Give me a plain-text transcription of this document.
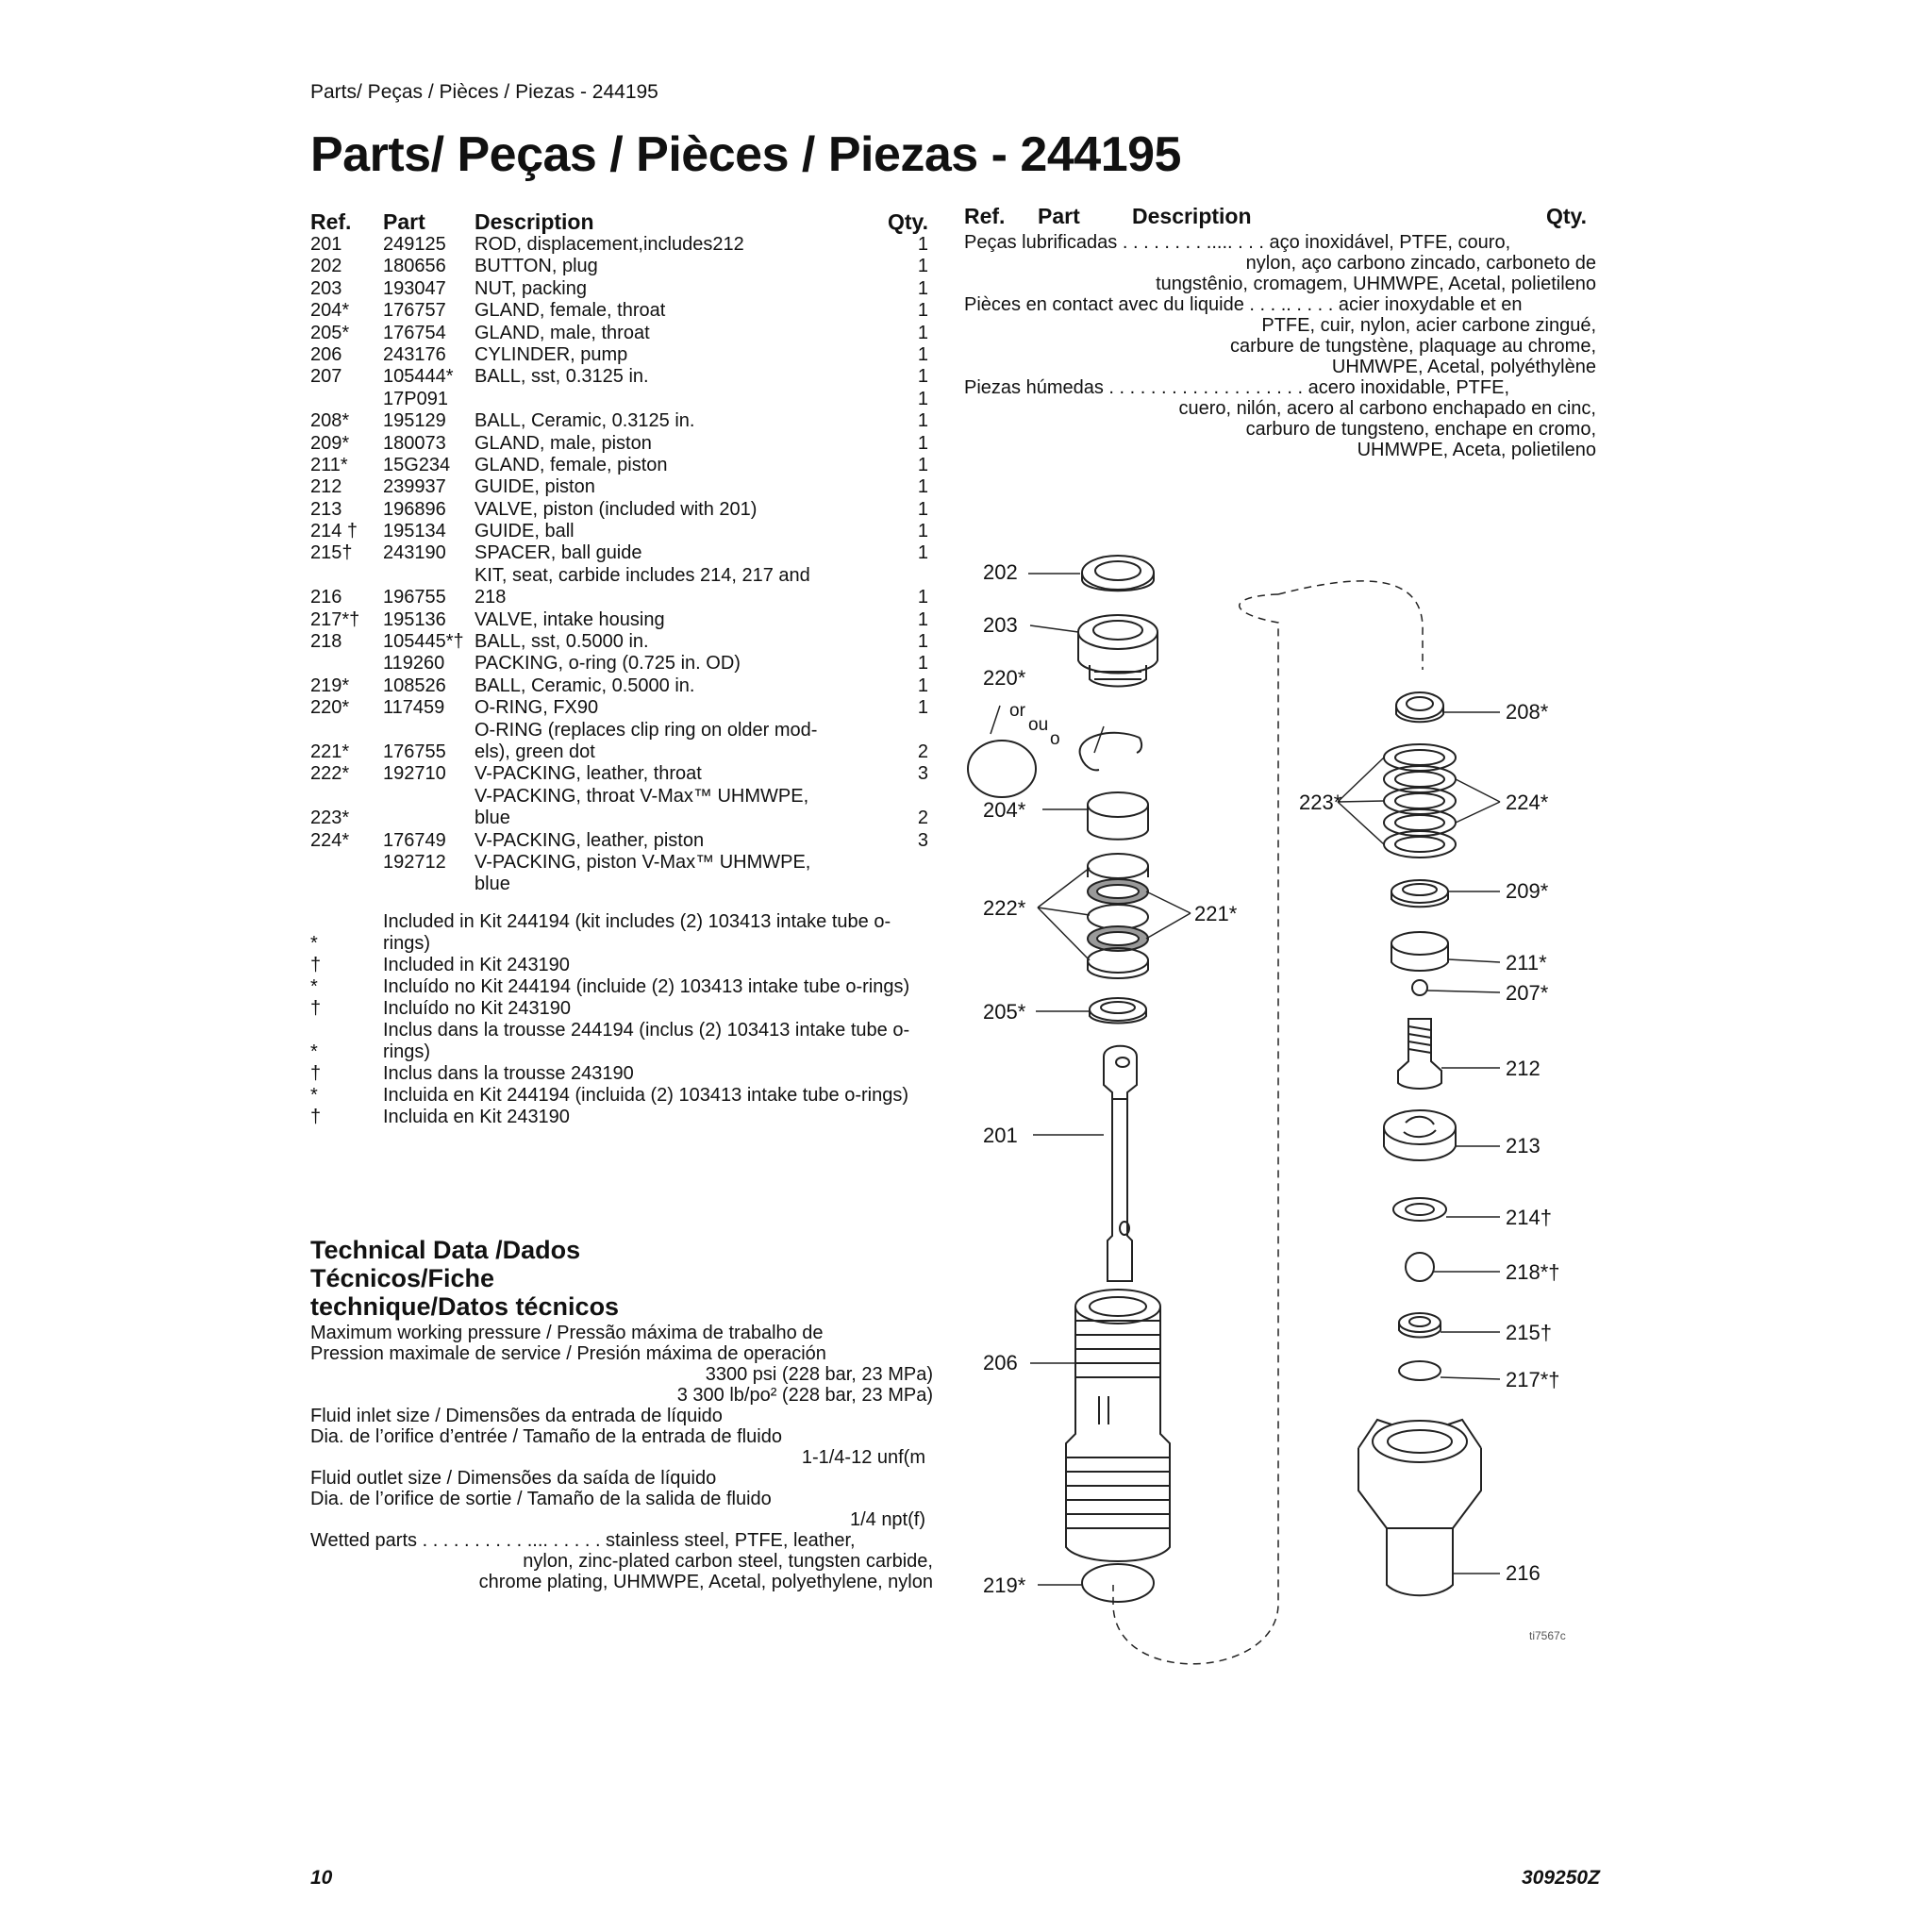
Parts/ Peças / Pièces / Piezas - 244195
Parts/ Peças / Pièces / Piezas - 244195
Ref. Part Description	Qty.
201 249125 ROD, displacement,includes212	1
202 180656 BUTTON, plug	1
203 193047 NUT, packing	1
204* 176757 GLAND, female, throat	1
205* 176754 GLAND, male, throat	1
206 243176 CYLINDER, pump	1
207 105444* BALL, sst, 0.3125 in.	1
17P091	1
208* 195129 BALL, Ceramic, 0.3125 in.	1
209* 180073 GLAND, male, piston	1
211* 15G234 GLAND, female, piston	1
212 239937 GUIDE, piston	1
213 196896 VALVE, piston (included with 201)	1
214 † 195134 GUIDE, ball	1
215† 243190 SPACER, ball guide	1
KIT, seat, carbide includes 214, 217 and
216 196755 218	1
217*† 195136 VALVE, intake housing	1
218 105445*† BALL, sst, 0.5000 in.	1
119260 PACKING, o-ring (0.725 in. OD)	1
219* 108526 BALL, Ceramic, 0.5000 in.	1
220* 117459 O-RING, FX90	1
O-RING (replaces clip ring on older mod-
221* 176755 els), green dot	2
222* 192710 V-PACKING, leather, throat	3
V-PACKING, throat V-Max™ UHMWPE,
223*	blue	2
224* 176749 V-PACKING, leather, piston	3
192712 V-PACKING, piston V-Max™ UHMWPE,
blue
*
Included in Kit 244194 (kit includes (2) 103413 intake tube o-rings)
†	Included in Kit 243190
*	Incluído no Kit 244194 (incluide (2) 103413 intake tube o-rings)
†	Incluído no Kit 243190
*
Inclus dans la trousse 244194 (inclus (2) 103413 intake tube o-rings)
†	Inclus dans la trousse 243190
*	Incluida en Kit 244194 (incluida (2) 103413 intake tube o-rings)
†	Incluida en Kit 243190
Technical Data /Dados Técnicos/Fiche technique/Datos técnicos
Maximum working pressure / Pressão máxima de trabalho de
Pression maximale de service / Presión máxima de operación
3300 psi (228 bar, 23 MPa)
3 300 lb/po² (228 bar, 23 MPa)
Fluid inlet size / Dimensões da entrada de líquido
Dia. de l’orifice d’entrée / Tamaño de la entrada de fluido
1-1/4-12 unf(m
Fluid outlet size / Dimensões da saída de líquido
Dia. de l’orifice de sortie / Tamaño de la salida de fluido
1/4 npt(f)
Wetted parts . . . . . . . . . . .... . . . . . stainless steel, PTFE, leather,
nylon, zinc-plated carbon steel, tungsten carbide,
chrome plating, UHMWPE, Acetal, polyethylene, nylon
Ref. Part Description	Qty.
Peças lubrificadas . . . . . . . . ..... . . . aço inoxidável, PTFE, couro,
nylon, aço carbono zincado, carboneto de
tungstênio, cromagem, UHMWPE, Acetal, polietileno
Pièces en contact avec du liquide . . . .. . . . . acier inoxydable et en
PTFE, cuir, nylon, acier carbone zingué,
carbure de tungstène, plaquage au chrome,
UHMWPE, Acetal, polyéthylène
Piezas húmedas . . . . . . . . . . . . . . . . . . . acero inoxidable, PTFE,
cuero, nilón, acero al carbono enchapado en cinc,
carburo de tungsteno, enchape en cromo,
UHMWPE, Aceta, polietileno
202
203
220*
or
ou
o
204*
222*	221*
205*
201
206
219*
208*
223*	224*
209*
211*
207*
212
213
214†
218*†
215†
217*†
216
ti7567c
10	309250Z
